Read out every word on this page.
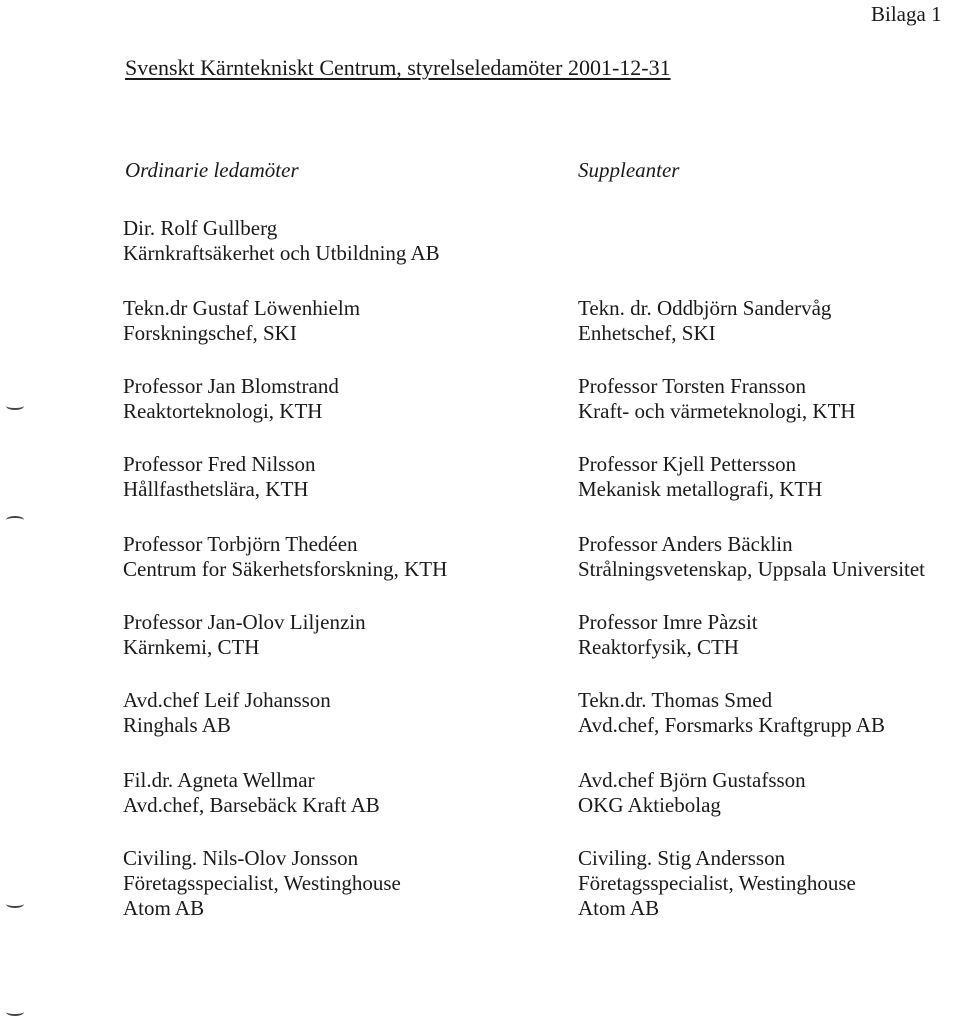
Bilaga 1
Svenskt Kärntekniskt Centrum, styrelseledamöter 2001-12-31
Ordinarie ledamöter	Suppleanter
Dir. Rolf Gullberg
Kärnkraftsäkerhet och Utbildning AB
Tekn.dr Gustaf Löwenhielm
Forskningschef, SKI
Professor Jan Blomstrand
Reaktorteknologi, KTH
Professor Fred Nilsson
Hållfasthetslära, KTH
Professor Torbjörn Thedéen
Centrum for Säkerhetsforskning, KTH
Professor Jan-Olov Liljenzin
Kärnkemi, CTH
Avd.chef Leif Johansson
Ringhals AB
Fil.dr. Agneta Wellmar
Avd.chef, Barsebäck Kraft AB
Civiling. Nils-Olov Jonsson
Företagsspecialist, Westinghouse
Atom AB
Tekn. dr. Oddbjörn Sandervåg
Enhetschef, SKI
Professor Torsten Fransson
Kraft- och värmeteknologi, KTH
Professor Kjell Pettersson
Mekanisk metallografi, KTH
Professor Anders Bäcklin
Strålningsvetenskap, Uppsala Universitet
Professor Imre Pàzsit
Reaktorfysik, CTH
Tekn.dr. Thomas Smed
Avd.chef, Forsmarks Kraftgrupp AB
Avd.chef Björn Gustafsson
OKG Aktiebolag
Civiling. Stig Andersson
Företagsspecialist, Westinghouse
Atom AB
